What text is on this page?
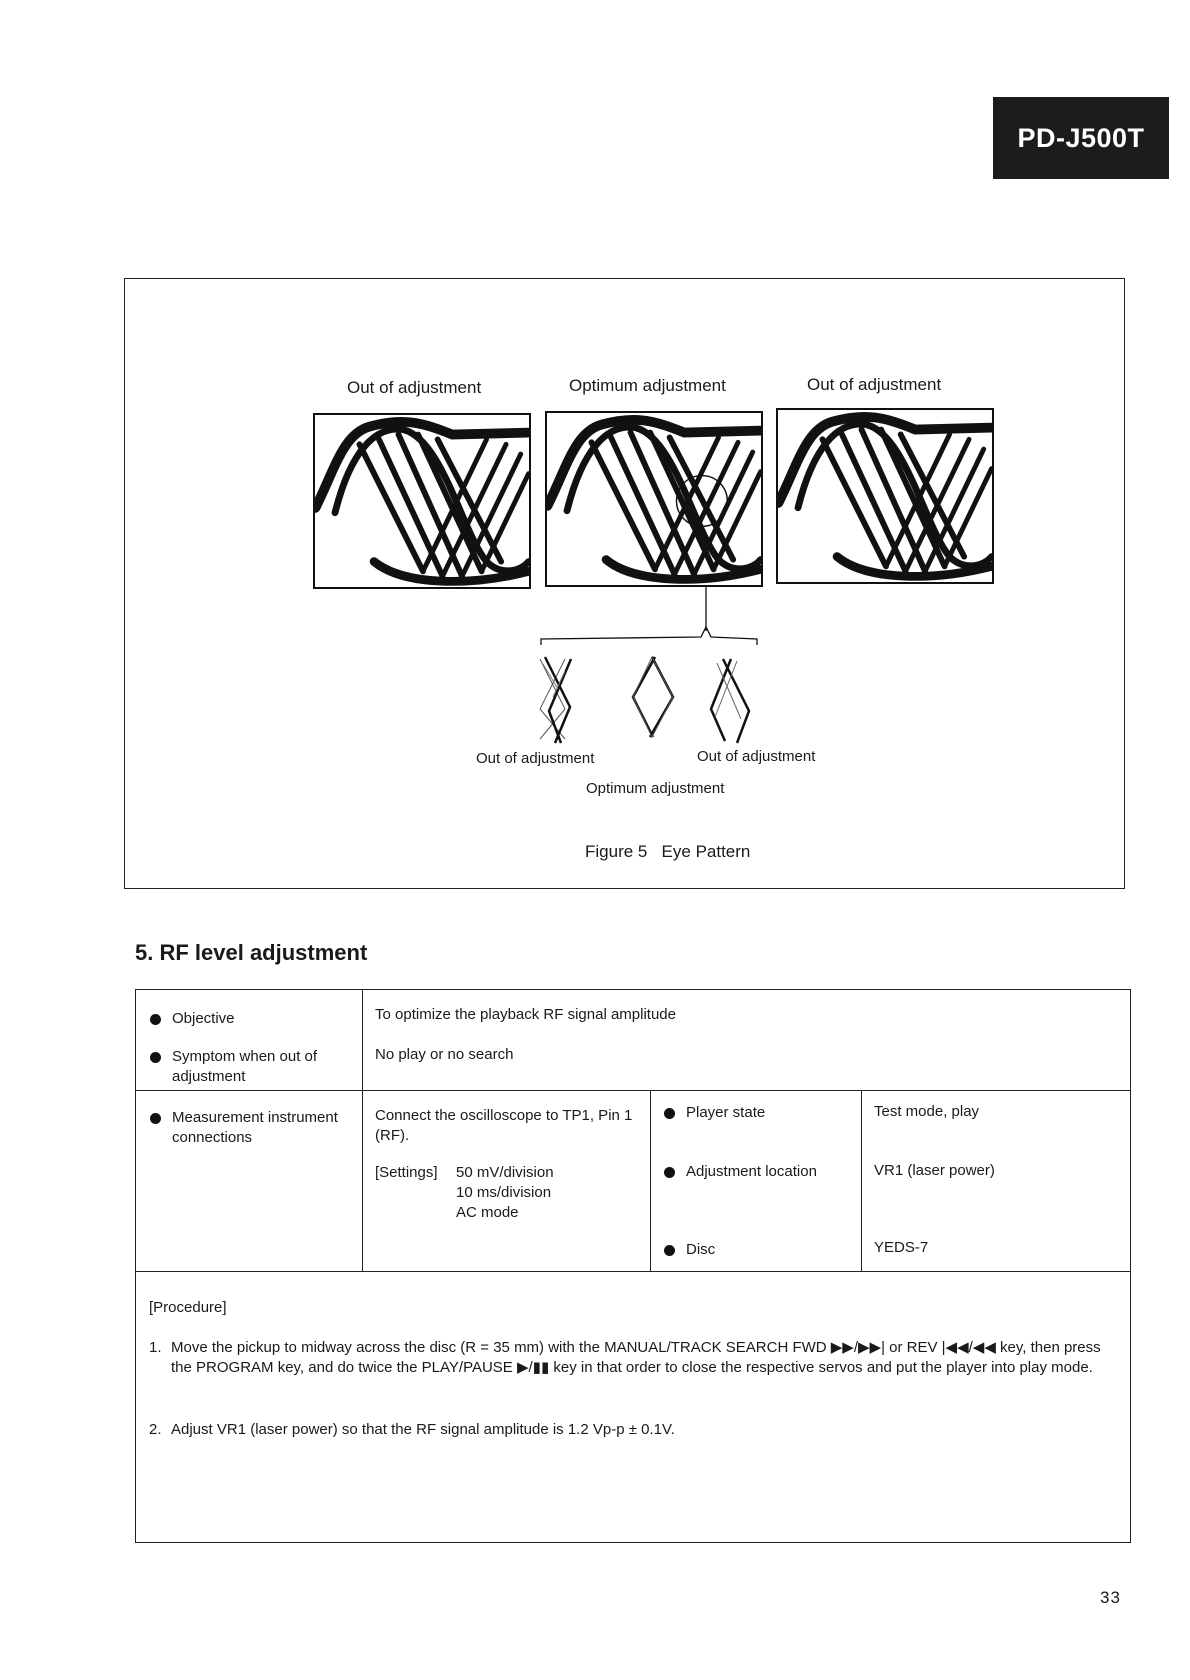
PD-J500T
Out of adjustment	Optimum adjustment	Out of adjustment
Out of adjustment	Out of adjustment
Optimum adjustment
Figure 5 Eye Pattern
5. RF level adjustment
Objective	To optimize the playback RF signal amplitude
Symptom when out of adjustment
No play or no search
Measurement instrument connections
Connect the oscilloscope to TP1, Pin 1 (RF).
[Settings]	50 mV/division
10 ms/division
AC mode
Player state	Test mode, play
Adjustment location	VR1 (laser power)
Disc	YEDS-7
[Procedure]
1. Move the pickup to midway across the disc (R = 35 mm) with the MANUAL/TRACK SEARCH FWD ▶▶/▶▶| or REV |◀◀/◀◀ key, then press the PROGRAM key, and do twice the PLAY/PAUSE ▶/▮▮ key in that order to close the respective servos and put the player into play mode.
2. Adjust VR1 (laser power) so that the RF signal amplitude is 1.2 Vp-p ± 0.1V.
33
